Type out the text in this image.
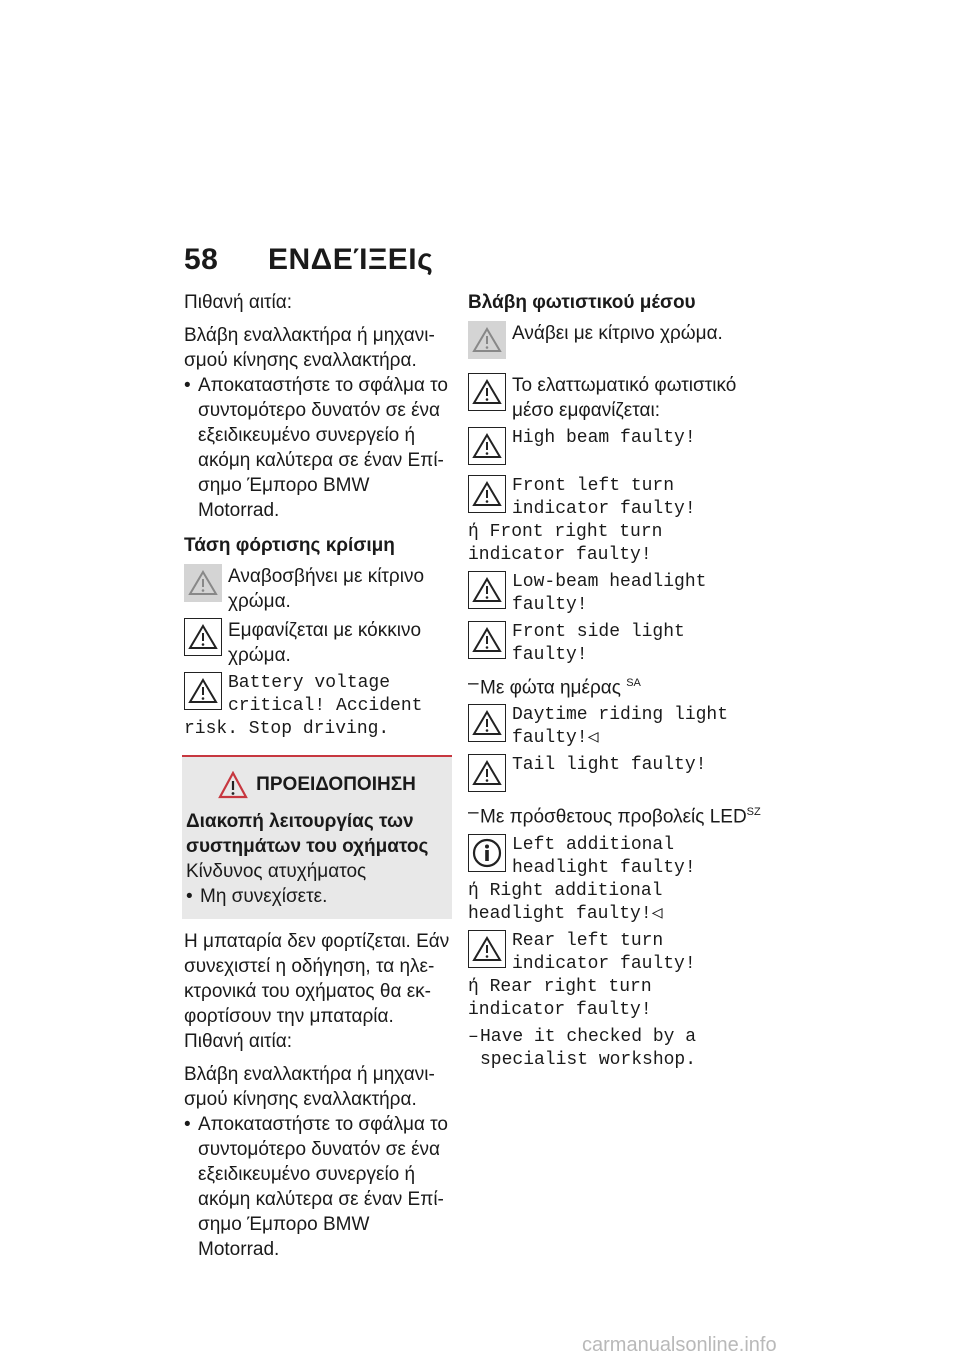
58 ΕΝΔΕΊΞΕΙς

Πιθανή αιτία:

Βλάβη εναλλακτήρα ή μηχανι-σμού κίνησης εναλλακτήρα.

• Αποκαταστήστε το σφάλμα το συντομότερο δυνατόν σε ένα εξειδικευμένο συνεργείο ή ακόμη καλύτερα σε έναν Επί-σημο Έμπορο BMW Motorrad.

Τάση φόρτισης κρίσιμη
Αναβοσβήνει με κίτρινο χρώμα.
Εμφανίζεται με κόκκινο χρώμα.
Battery voltage
critical! Accident

risk. Stop driving.

ΠΡΟΕΙΔΟΠΟΙΗΣΗ
Διακοπή λειτουργίας των συστημάτων του οχήματος

Κίνδυνος ατυχήματος

• Μη συνεχίσετε.

Η μπαταρία δεν φορτίζεται. Εάν συνεχιστεί η οδήγηση, τα ηλε-κτρονικά του οχήματος θα εκ-φορτίσουν την μπαταρία.

Πιθανή αιτία:

Βλάβη εναλλακτήρα ή μηχανι-σμού κίνησης εναλλακτήρα.

• Αποκαταστήστε το σφάλμα το συντομότερο δυνατόν σε ένα εξειδικευμένο συνεργείο ή ακόμη καλύτερα σε έναν Επί-σημο Έμπορο BMW Motorrad.

Βλάβη φωτιστικού μέσου
Ανάβει με κίτρινο χρώμα.
Το ελαττωματικό φωτιστικό μέσο εμφανίζεται:
High beam faulty!
Front left turn
indicator faulty!

ή Front right turn

indicator faulty!

Low-beam headlight
faulty!
Front side light
faulty!

– Με φώτα ημέρας $^{SA}$

Daytime riding light
faulty!◁
Tail light faulty!

– Με πρόσθετους προβολείς $LED^{SZ}$

Left additional
headlight faulty!

ή Right additional

headlight faulty!◁

Rear left turn
indicator faulty!

ή Rear right turn

indicator faulty!

– Have it checked by a
specialist workshop.
carmanualsonline.info
